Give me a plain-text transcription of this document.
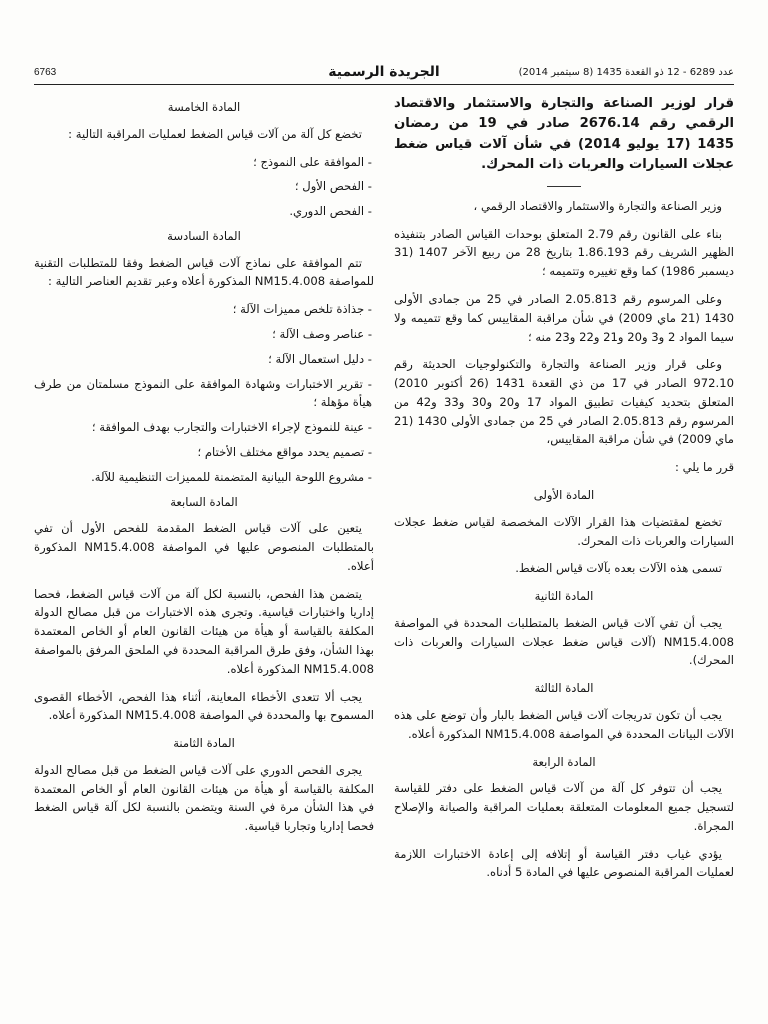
عدد 6289 - 12 ذو القعدة 1435 (8 سبتمبر 2014)
الجريدة الرسمية
6763
قرار لوزير الصناعة والتجارة والاستثمار والاقتصاد الرقمي رقم 2676.14 صادر في 19 من رمضان 1435 (17 يوليو 2014) في شأن آلات قياس ضغط عجلات السيارات والعربات ذات المحرك.

وزير الصناعة والتجارة والاستثمار والاقتصاد الرقمي ،

بناء على القانون رقم 2.79 المتعلق بوحدات القياس الصادر بتنفيذه الظهير الشريف رقم 1.86.193 بتاريخ 28 من ربيع الآخر 1407 (31 ديسمبر 1986) كما وقع تغييره وتتميمه ؛

وعلى المرسوم رقم 2.05.813 الصادر في 25 من جمادى الأولى 1430 (21 ماي 2009) في شأن مراقبة المقاييس كما وقع تتميمه ولا سيما المواد 2 و3 و20 و21 و22 و23 منه ؛

وعلى قرار وزير الصناعة والتجارة والتكنولوجيات الحديثة رقم 972.10 الصادر في 17 من ذي القعدة 1431 (26 أكتوبر 2010) المتعلق بتحديد كيفيات تطبيق المواد 17 و20 و30 و33 و42 من المرسوم رقم 2.05.813 الصادر في 25 من جمادى الأولى 1430 (21 ماي 2009) في شأن مراقبة المقاييس،

قرر ما يلي :

المادة الأولى

تخضع لمقتضيات هذا القرار الآلات المخصصة لقياس ضغط عجلات السيارات والعربات ذات المحرك.

تسمى هذه الآلات بعده بآلات قياس الضغط.

المادة الثانية

يجب أن تفي آلات قياس الضغط بالمتطلبات المحددة في المواصفة NM15.4.008 (آلات قياس ضغط عجلات السيارات والعربات ذات المحرك).

المادة الثالثة

يجب أن تكون تدريجات آلات قياس الضغط بالبار وأن توضع على هذه الآلات البيانات المحددة في المواصفة NM15.4.008 المذكورة أعلاه.

المادة الرابعة

يجب أن تتوفر كل آلة من آلات قياس الضغط على دفتر للقياسة لتسجيل جميع المعلومات المتعلقة بعمليات المراقبة والصيانة والإصلاح المجراة.

يؤدي غياب دفتر القياسة أو إتلافه إلى إعادة الاختبارات اللازمة لعمليات المراقبة المنصوص عليها في المادة 5 أدناه.

المادة الخامسة

تخضع كل آلة من آلات قياس الضغط لعمليات المراقبة التالية :

- الموافقة على النموذج ؛

- الفحص الأول ؛

- الفحص الدوري.

المادة السادسة

تتم الموافقة على نماذج آلات قياس الضغط وفقا للمتطلبات التقنية للمواصفة NM15.4.008 المذكورة أعلاه وعبر تقديم العناصر التالية :

- جذاذة تلخص مميزات الآلة ؛

- عناصر وصف الآلة ؛

- دليل استعمال الآلة ؛

- تقرير الاختبارات وشهادة الموافقة على النموذج مسلمتان من طرف هيأة مؤهلة ؛

- عينة للنموذج لإجراء الاختبارات والتجارب بهدف الموافقة ؛

- تصميم يحدد مواقع مختلف الأختام ؛

- مشروع اللوحة البيانية المتضمنة للمميزات التنظيمية للآلة.

المادة السابعة

يتعين على آلات قياس الضغط المقدمة للفحص الأول أن تفي بالمتطلبات المنصوص عليها في المواصفة NM15.4.008 المذكورة أعلاه.

يتضمن هذا الفحص، بالنسبة لكل آلة من آلات قياس الضغط، فحصا إداريا واختبارات قياسية. وتجرى هذه الاختبارات من قبل مصالح الدولة المكلفة بالقياسة أو هيأة من هيئات القانون العام أو الخاص المعتمدة بهذا الشأن، وفق طرق المراقبة المحددة في الملحق المرفق بالمواصفة NM15.4.008 المذكورة أعلاه.

يجب ألا تتعدى الأخطاء المعاينة، أثناء هذا الفحص، الأخطاء القصوى المسموح بها والمحددة في المواصفة NM15.4.008 المذكورة أعلاه.

المادة الثامنة

يجرى الفحص الدوري على آلات قياس الضغط من قبل مصالح الدولة المكلفة بالقياسة أو هيأة من هيئات القانون العام أو الخاص المعتمدة في هذا الشأن مرة في السنة ويتضمن بالنسبة لكل آلة قياس الضغط فحصا إداريا وتجاربا قياسية.
